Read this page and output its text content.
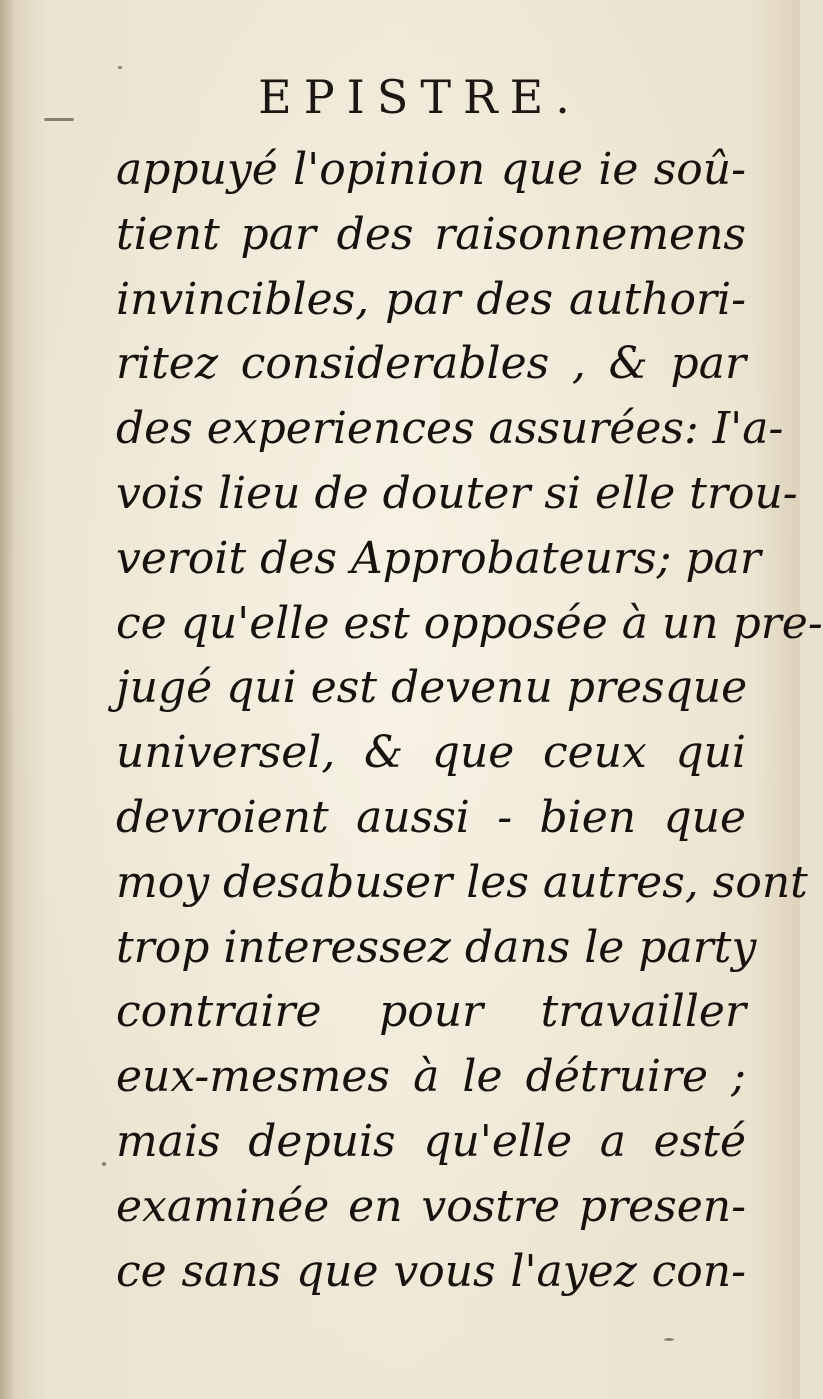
EPISTRE.
appuyé l'opinion que ie soû-
tient par des raisonnemens
invincibles, par des authori-
ritez considerables , & par
des experiences assurées: I'a-
vois lieu de douter si elle trou-
veroit des Approbateurs; par
ce qu'elle est opposée à un pre-
jugé qui est devenu presque
universel, & que ceux qui
devroient aussi - bien que
moy desabuser les autres, sont
trop interessez dans le party
contraire pour travailler
eux-mesmes à le détruire ;
mais depuis qu'elle a esté
examinée en vostre presen-
ce sans que vous l'ayez con-
